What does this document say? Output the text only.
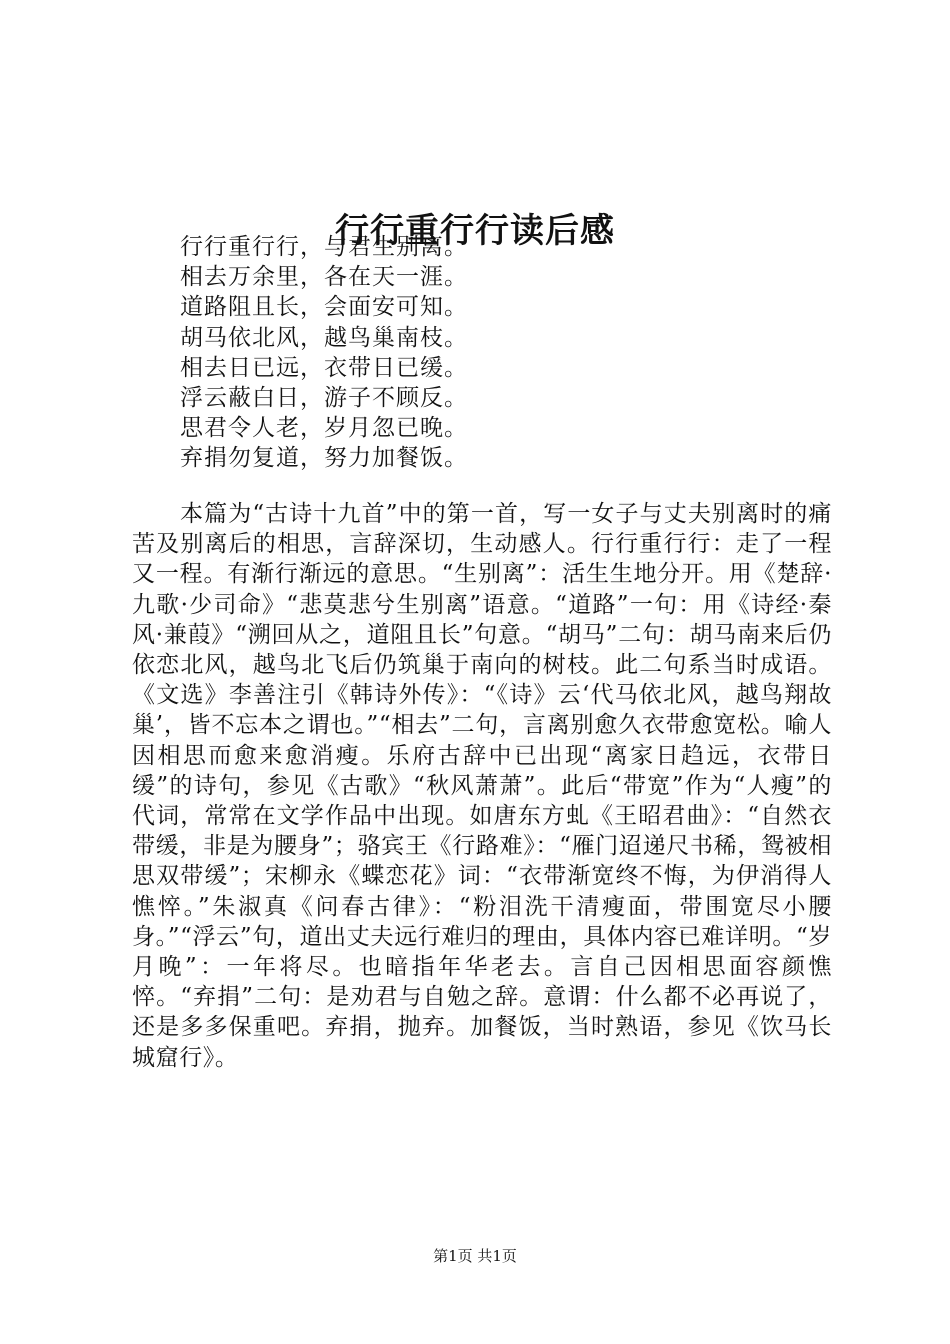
行行重行行读后感
行行重行行，与君生别离。
相去万余里，各在天一涯。
道路阻且长，会面安可知。
胡马依北风，越鸟巢南枝。
相去日已远，衣带日已缓。
浮云蔽白日，游子不顾反。
思君令人老，岁月忽已晚。
弃捐勿复道，努力加餐饭。

本篇为“古诗十九首”中的第一首，写一女子与丈夫别离时的痛苦及别离后的相思，言辞深切，生动感人。行行重行行：走了一程又一程。有渐行渐远的意思。“生别离”：活生生地分开。用《楚辞·九歌·少司命》“悲莫悲兮生别离”语意。“道路”一句：用《诗经·秦风·兼葭》“溯回从之，道阻且长”句意。“胡马”二句：胡马南来后仍依恋北风，越鸟北飞后仍筑巢于南向的树枝。此二句系当时成语。《文选》李善注引《韩诗外传》：“《诗》云‘代马依北风，越鸟翔故巢’，皆不忘本之谓也。”“相去”二句，言离别愈久衣带愈宽松。喻人因相思而愈来愈消瘦。乐府古辞中已出现“离家日趋远，衣带日缓”的诗句，参见《古歌》“秋风萧萧”。此后“带宽”作为“人瘦”的代词，常常在文学作品中出现。如唐东方虬《王昭君曲》：“自然衣带缓，非是为腰身”；骆宾王《行路难》：“雁门迢递尺书稀，鸳被相思双带缓”；宋柳永《蝶恋花》词：“衣带渐宽终不悔，为伊消得人憔悴。”朱淑真《问春古律》：“粉泪洗干清瘦面，带围宽尽小腰身。”“浮云”句，道出丈夫远行难归的理由，具体内容已难详明。“岁月晚”：一年将尽。也暗指年华老去。言自己因相思面容颜憔悴。“弃捐”二句：是劝君与自勉之辞。意谓：什么都不必再说了，还是多多保重吧。弃捐，抛弃。加餐饭，当时熟语，参见《饮马长城窟行》。

第1页 共1页
